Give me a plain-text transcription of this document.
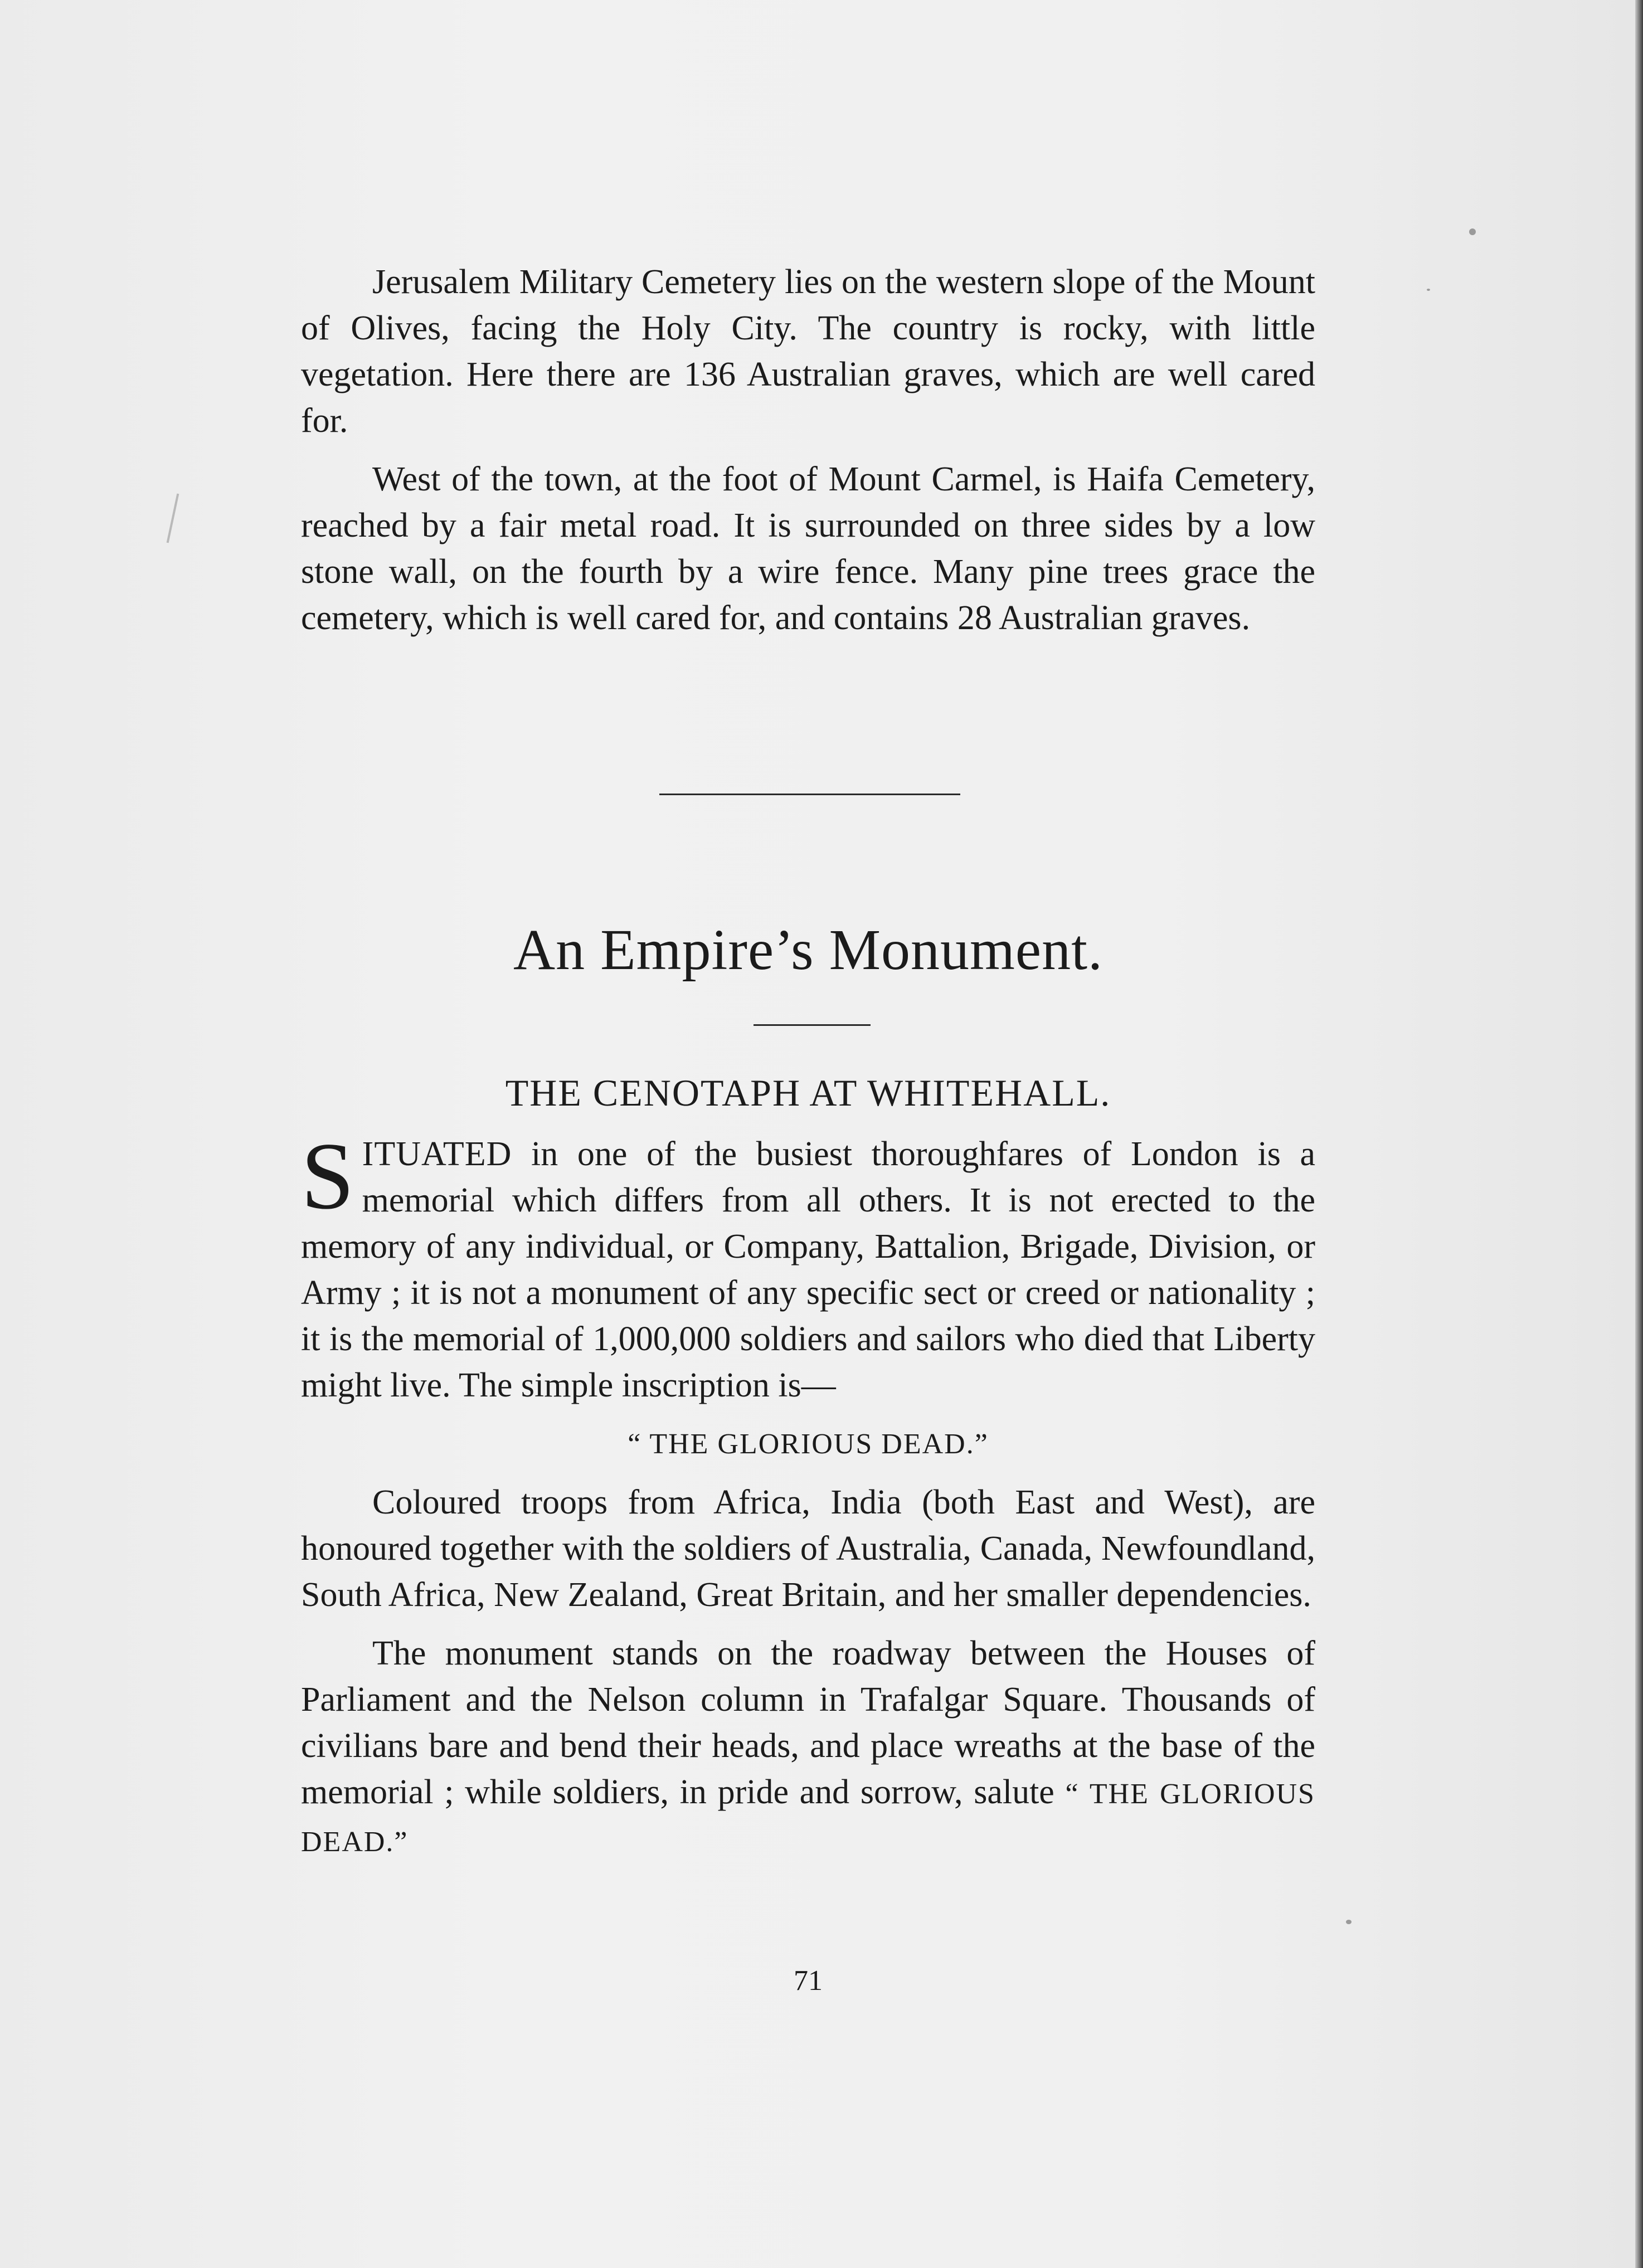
Jerusalem Military Cemetery lies on the western slope of the Mount of Olives, facing the Holy City. The country is rocky, with little vegetation. Here there are 136 Australian graves, which are well cared for.

West of the town, at the foot of Mount Carmel, is Haifa Cemetery, reached by a fair metal road. It is surrounded on three sides by a low stone wall, on the fourth by a wire fence. Many pine trees grace the cemetery, which is well cared for, and contains 28 Australian graves.

An Empire’s Monument.
THE CENOTAPH AT WHITEHALL.

SITUATED in one of the busiest thoroughfares of London is a memorial which differs from all others. It is not erected to the memory of any individual, or Company, Battalion, Brigade, Division, or Army ; it is not a monument of any specific sect or creed or nationality ; it is the memorial of 1,000,000 soldiers and sailors who died that Liberty might live. The simple inscription is—

“ THE GLORIOUS DEAD.”

Coloured troops from Africa, India (both East and West), are honoured together with the soldiers of Australia, Canada, Newfoundland, South Africa, New Zealand, Great Britain, and her smaller dependencies.

The monument stands on the roadway between the Houses of Parliament and the Nelson column in Trafalgar Square. Thousands of civilians bare and bend their heads, and place wreaths at the base of the memorial ; while soldiers, in pride and sorrow, salute “ THE GLORIOUS DEAD.”

71
